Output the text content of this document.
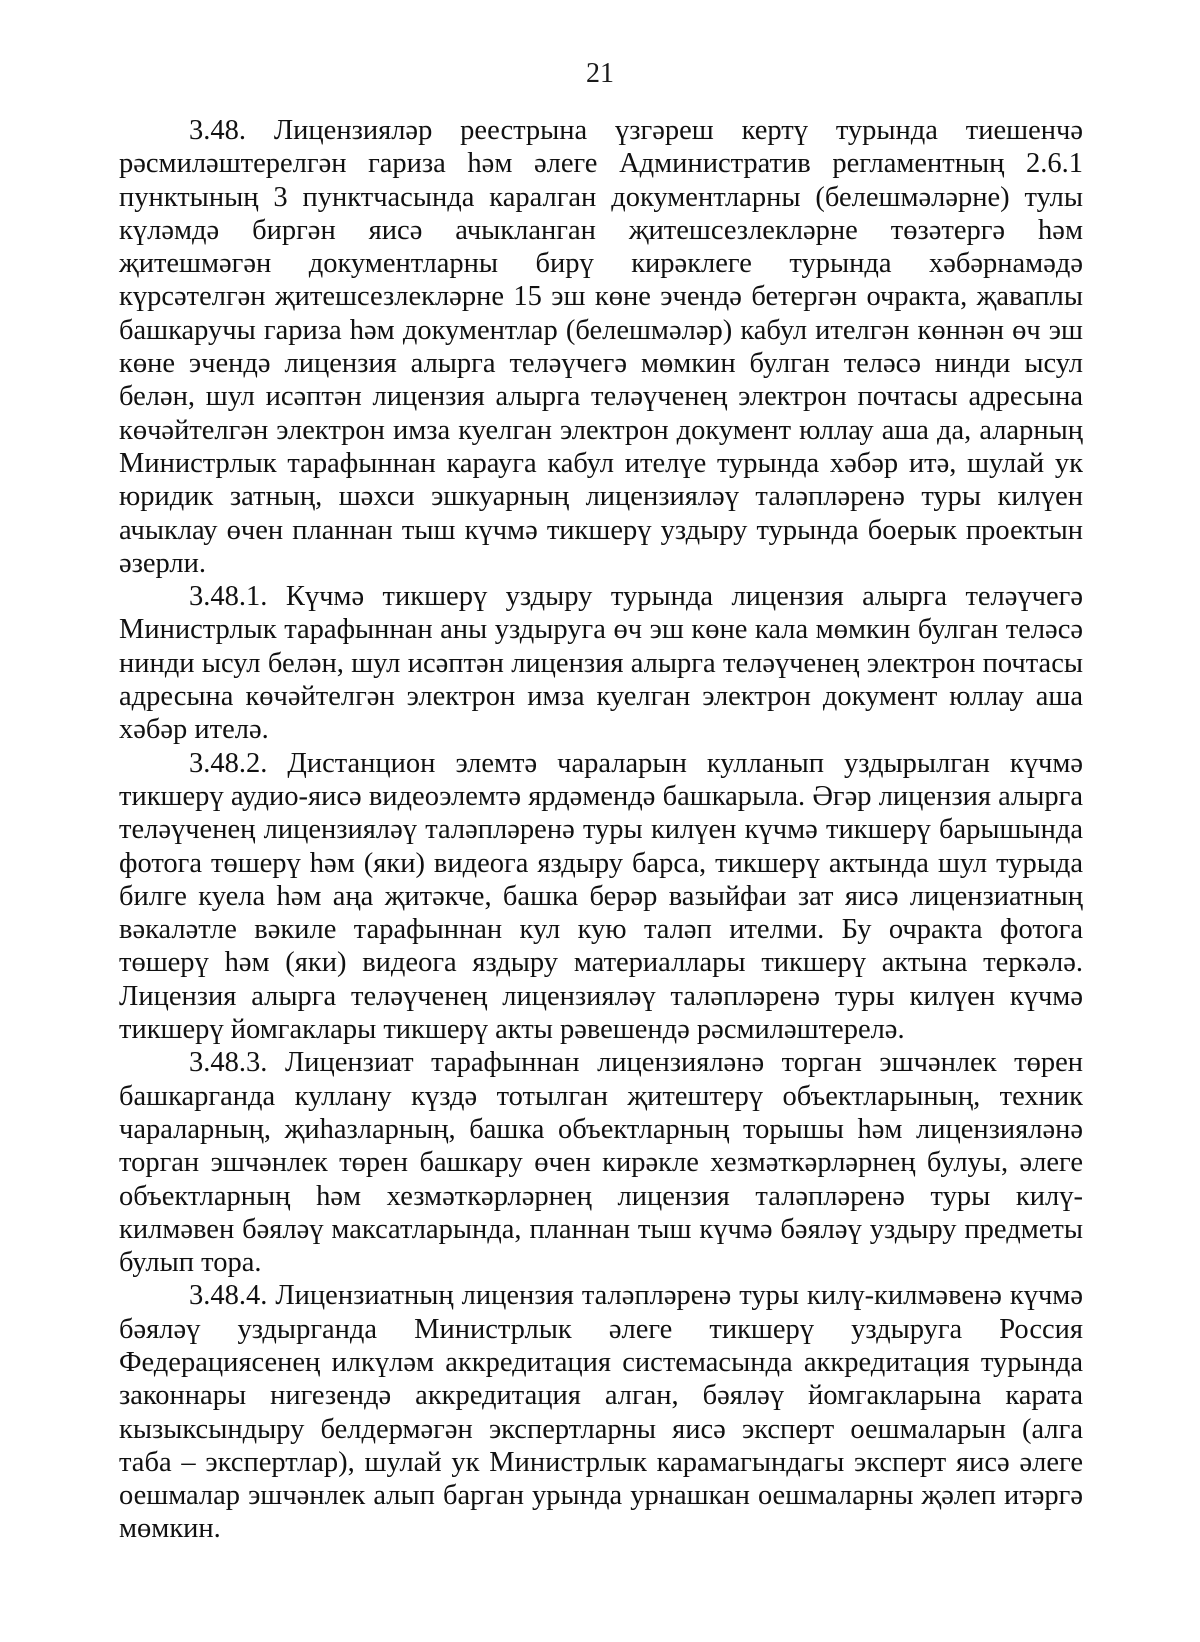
21

3.48. Лицензияләр реестрына үзгәреш кертү турында тиешенчә рәсмиләштерелгән гариза һәм әлеге Административ регламентның 2.6.1 пунктының 3 пунктчасында каралган документларны (белешмәләрне) тулы күләмдә биргән яисә ачыкланган җитешсезлекләрне төзәтергә һәм җитешмәгән документларны бирү кирәклеге турында хәбәрнамәдә күрсәтелгән җитешсезлекләрне 15 эш көне эчендә бетергән очракта, җаваплы башкаручы гариза һәм документлар (белешмәләр) кабул ителгән көннән өч эш көне эчендә лицензия алырга теләүчегә мөмкин булган теләсә нинди ысул белән, шул исәптән лицензия алырга теләүченең электрон почтасы адресына көчәйтелгән электрон имза куелган электрон документ юллау аша да, аларның Министрлык тарафыннан карауга кабул ителүе турында хәбәр итә, шулай ук юридик затның, шәхси эшкуарның лицензияләү таләпләренә туры килүен ачыклау өчен планнан тыш күчмә тикшерү уздыру турында боерык проектын әзерли.

3.48.1. Күчмә тикшерү уздыру турында лицензия алырга теләүчегә Министрлык тарафыннан аны уздыруга өч эш көне кала мөмкин булган теләсә нинди ысул белән, шул исәптән лицензия алырга теләүченең электрон почтасы адресына көчәйтелгән электрон имза куелган электрон документ юллау аша хәбәр ителә.

3.48.2. Дистанцион элемтә чараларын кулланып уздырылган күчмә тикшерү аудио-яисә видеоэлемтә ярдәмендә башкарыла. Әгәр лицензия алырга теләүченең лицензияләү таләпләренә туры килүен күчмә тикшерү барышында фотога төшерү һәм (яки) видеога яздыру барса, тикшерү актында шул турыда билге куела һәм аңа җитәкче, башка берәр вазыйфаи зат яисә лицензиатның вәкаләтле вәкиле тарафыннан кул кую таләп ителми. Бу очракта фотога төшерү һәм (яки) видеога яздыру материаллары тикшерү актына теркәлә. Лицензия алырга теләүченең лицензияләү таләпләренә туры килүен күчмә тикшерү йомгаклары тикшерү акты рәвешендә рәсмиләштерелә.

3.48.3. Лицензиат тарафыннан лицензияләнә торган эшчәнлек төрен башкарганда куллану күздә тотылган җитештерү объектларының, техник чараларның, җиһазларның, башка объектларның торышы һәм лицензияләнә торган эшчәнлек төрен башкару өчен кирәкле хезмәткәрләрнең булуы, әлеге объектларның һәм хезмәткәрләрнең лицензия таләпләренә туры килү-килмәвен бәяләү максатларында, планнан тыш күчмә бәяләү уздыру предметы булып тора.

3.48.4. Лицензиатның лицензия таләпләренә туры килү-килмәвенә күчмә бәяләү уздырганда Министрлык әлеге тикшерү уздыруга Россия Федерациясенең илкүләм аккредитация системасында аккредитация турында законнары нигезендә аккредитация алган, бәяләү йомгакларына карата кызыксындыру белдермәгән экспертларны яисә эксперт оешмаларын (алга таба – экспертлар), шулай ук Министрлык карамагындагы эксперт яисә әлеге оешмалар эшчәнлек алып барган урында урнашкан оешмаларны җәлеп итәргә мөмкин.
